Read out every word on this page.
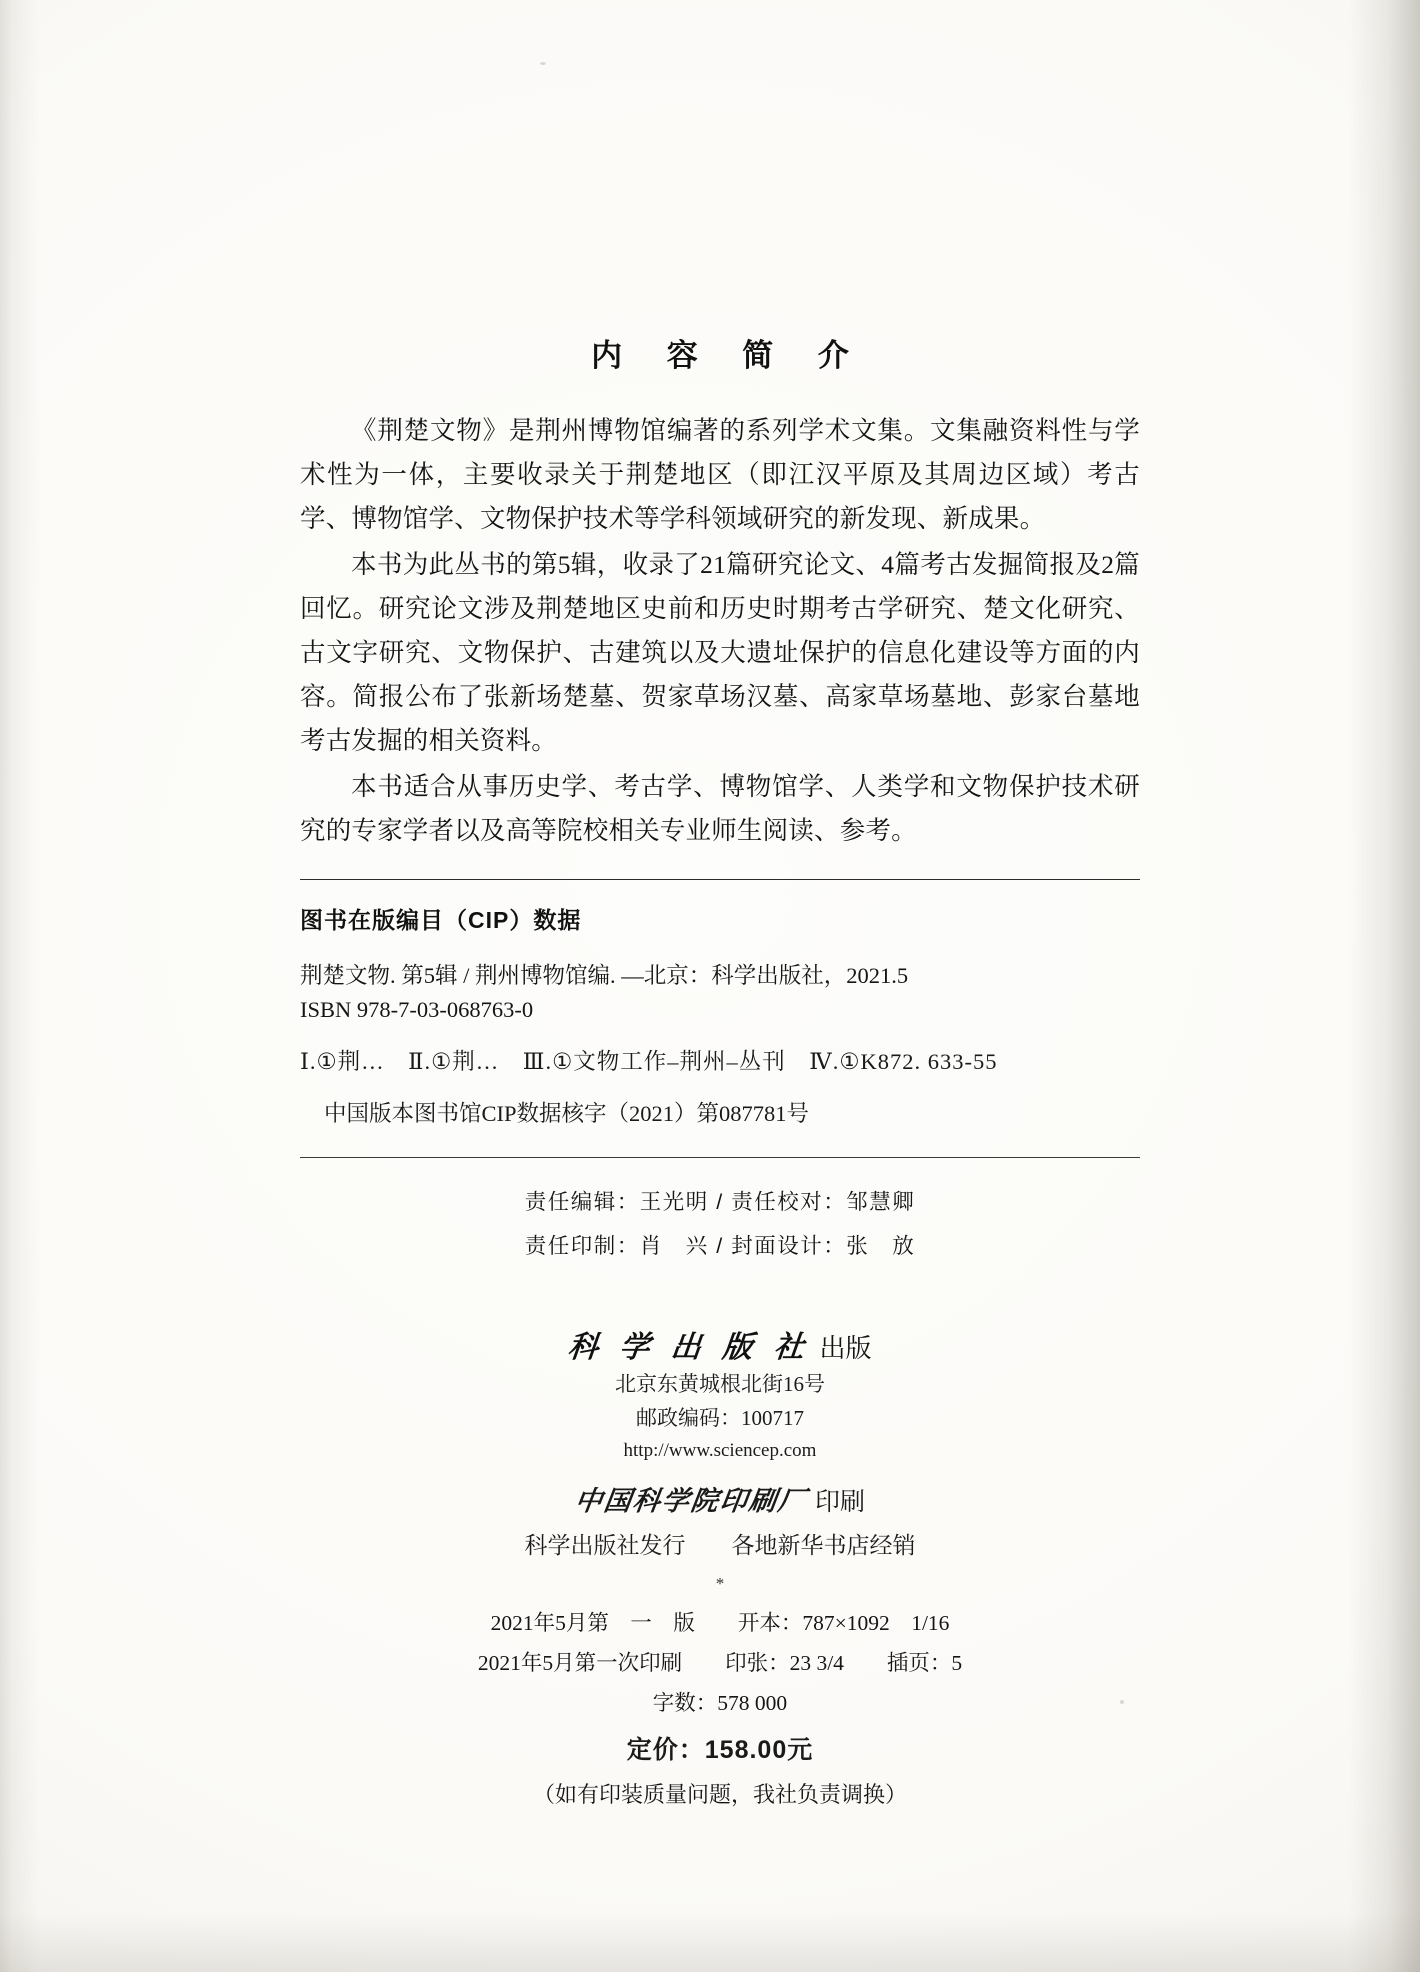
内 容 简 介

《荆楚文物》是荆州博物馆编著的系列学术文集。文集融资料性与学术性为一体，主要收录关于荆楚地区（即江汉平原及其周边区域）考古学、博物馆学、文物保护技术等学科领域研究的新发现、新成果。

本书为此丛书的第5辑，收录了21篇研究论文、4篇考古发掘简报及2篇回忆。研究论文涉及荆楚地区史前和历史时期考古学研究、楚文化研究、古文字研究、文物保护、古建筑以及大遗址保护的信息化建设等方面的内容。简报公布了张新场楚墓、贺家草场汉墓、高家草场墓地、彭家台墓地考古发掘的相关资料。

本书适合从事历史学、考古学、博物馆学、人类学和文物保护技术研究的专家学者以及高等院校相关专业师生阅读、参考。

图书在版编目（CIP）数据
荆楚文物. 第5辑 / 荆州博物馆编. —北京：科学出版社，2021.5
ISBN 978-7-03-068763-0
Ⅰ.①荆…　Ⅱ.①荆…　Ⅲ.①文物工作–荆州–丛刊　Ⅳ.①K872. 633-55
中国版本图书馆CIP数据核字（2021）第087781号
责任编辑：王光明 / 责任校对：邹慧卿
责任印制：肖　兴 / 封面设计：张　放
科 学 出 版 社 出版
北京东黄城根北街16号
邮政编码：100717
http://www.sciencep.com
中国科学院印刷厂 印刷
科学出版社发行　　各地新华书店经销
*
2021年5月第　一　版　　开本：787×1092　1/16
2021年5月第一次印刷　　印张：23 3/4　　插页：5
字数：578 000
定价：158.00元
（如有印装质量问题，我社负责调换）
